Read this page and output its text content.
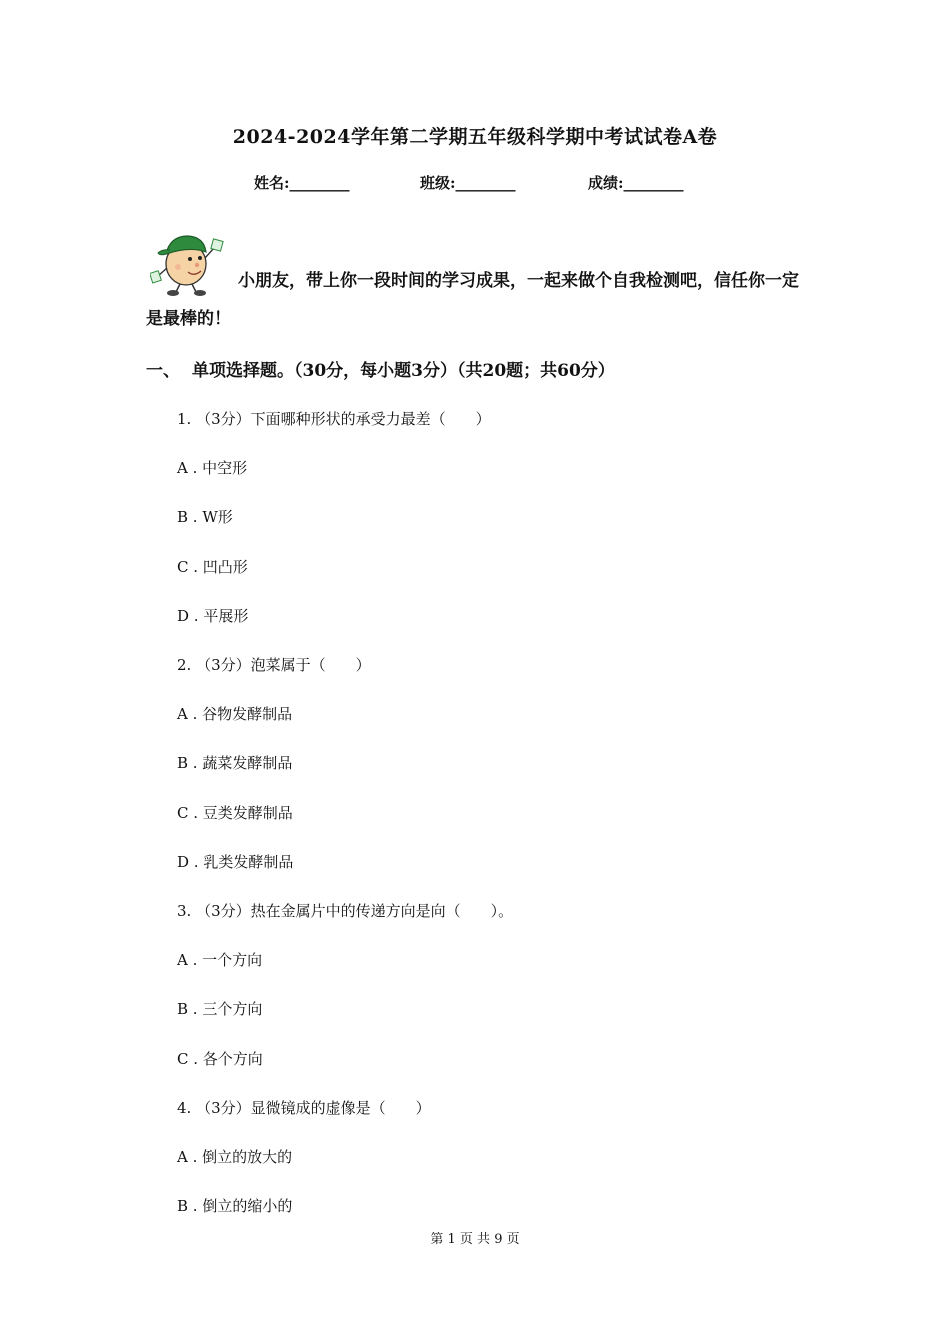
2024-2024学年第二学期五年级科学期中考试试卷A卷
姓名:________	班级:________	成绩:________
小朋友，带上你一段时间的学习成果，一起来做个自我检测吧，信任你一定是最棒的！
一、 单项选择题。（30分，每小题3分）（共20题；共60分）
1. （3分）下面哪种形状的承受力最差（　　）
A . 中空形
B . W形
C . 凹凸形
D . 平展形
2. （3分）泡菜属于（　　）
A . 谷物发酵制品
B . 蔬菜发酵制品
C . 豆类发酵制品
D . 乳类发酵制品
3. （3分）热在金属片中的传递方向是向（　　）。
A . 一个方向
B . 三个方向
C . 各个方向
4. （3分）显微镜成的虚像是（　　）
A . 倒立的放大的
B . 倒立的缩小的
第 1 页 共 9 页
